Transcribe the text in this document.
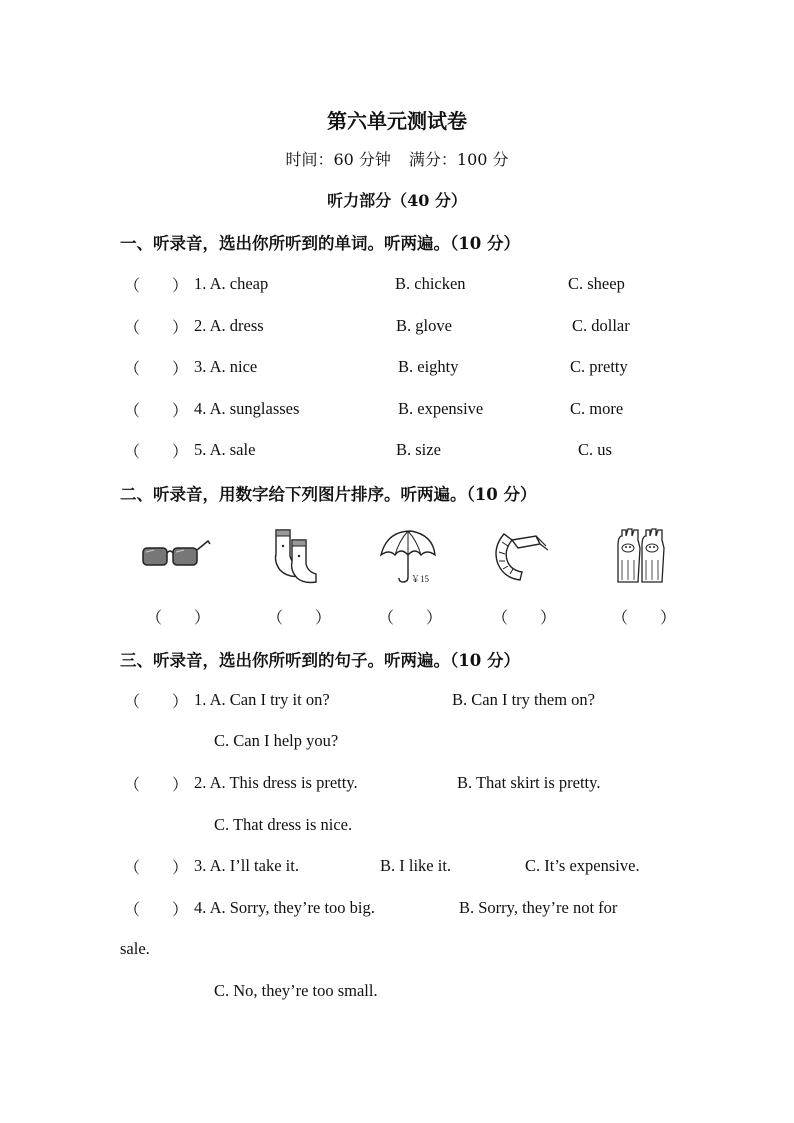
第六单元测试卷
时间：60 分钟 满分：100 分
听力部分（40 分）
一、听录音，选出你所听到的单词。听两遍。（10 分）
（　　） 1. A. cheap	B. chicken	C. sheep
（　　） 2. A. dress	B. glove	C. dollar
（　　） 3. A. nice	B. eighty	C. pretty
（　　） 4. A. sunglasses	B. expensive	C. more
（　　） 5. A. sale	B. size	C. us
二、听录音，用数字给下列图片排序。听两遍。（10 分）
￥15
（　　）	（　　）	（　　）	（　　）	（　　）
三、听录音，选出你所听到的句子。听两遍。（10 分）
（　　） 1. A. Can I try it on?	B. Can I try them on?
C. Can I help you?
（　　） 2. A. This dress is pretty.	B. That skirt is pretty.
C. That dress is nice.
（　　） 3. A. I’ll take it.	B. I like it.	C. It’s expensive.
（　　） 4. A. Sorry, they’re too big.	B. Sorry, they’re not for
sale.
C. No, they’re too small.
